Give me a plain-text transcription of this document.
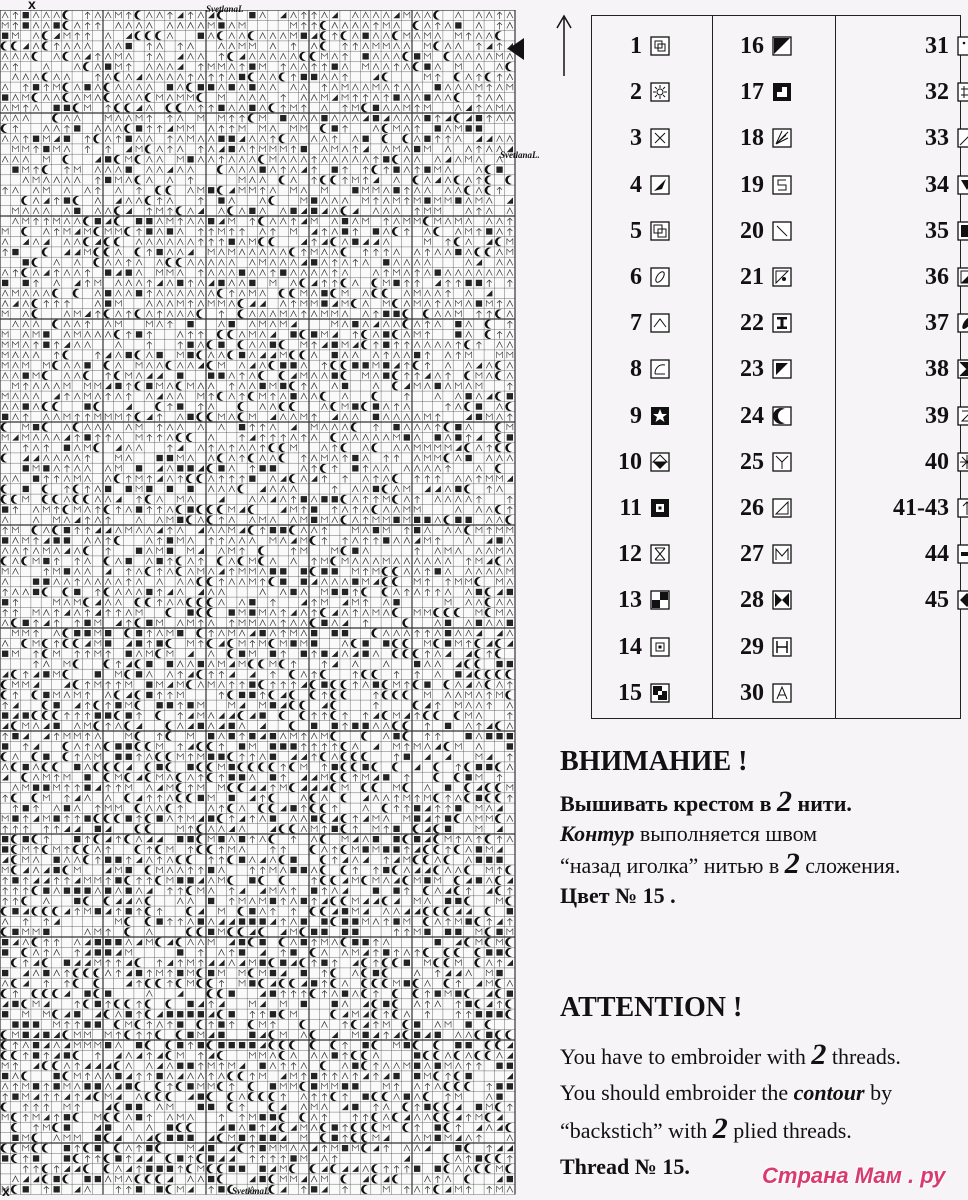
x
x
SvetlanaL
SvetlanaL.
SvetlanaL
1
2
3
4
5
6
7
8
9
10
11
12
13
14
15
16
17
18
19
20
21
22
23
24
25
26
27
28
29
30
31
32
33
34
35
36
37
38
39
40
41-43
44
45
ВНИМАНИЕ !
Вышивать крестом в 2 нити.
Контур выполняется швом
“назад иголка” нитью в 2 сложения.
Цвет № 15 .
ATTENTION !
You have to embroider with 2 threads.
You should embroider the contour by
“backstich” with 2 plied threads.
Thread № 15.	Страна Мам . ру
